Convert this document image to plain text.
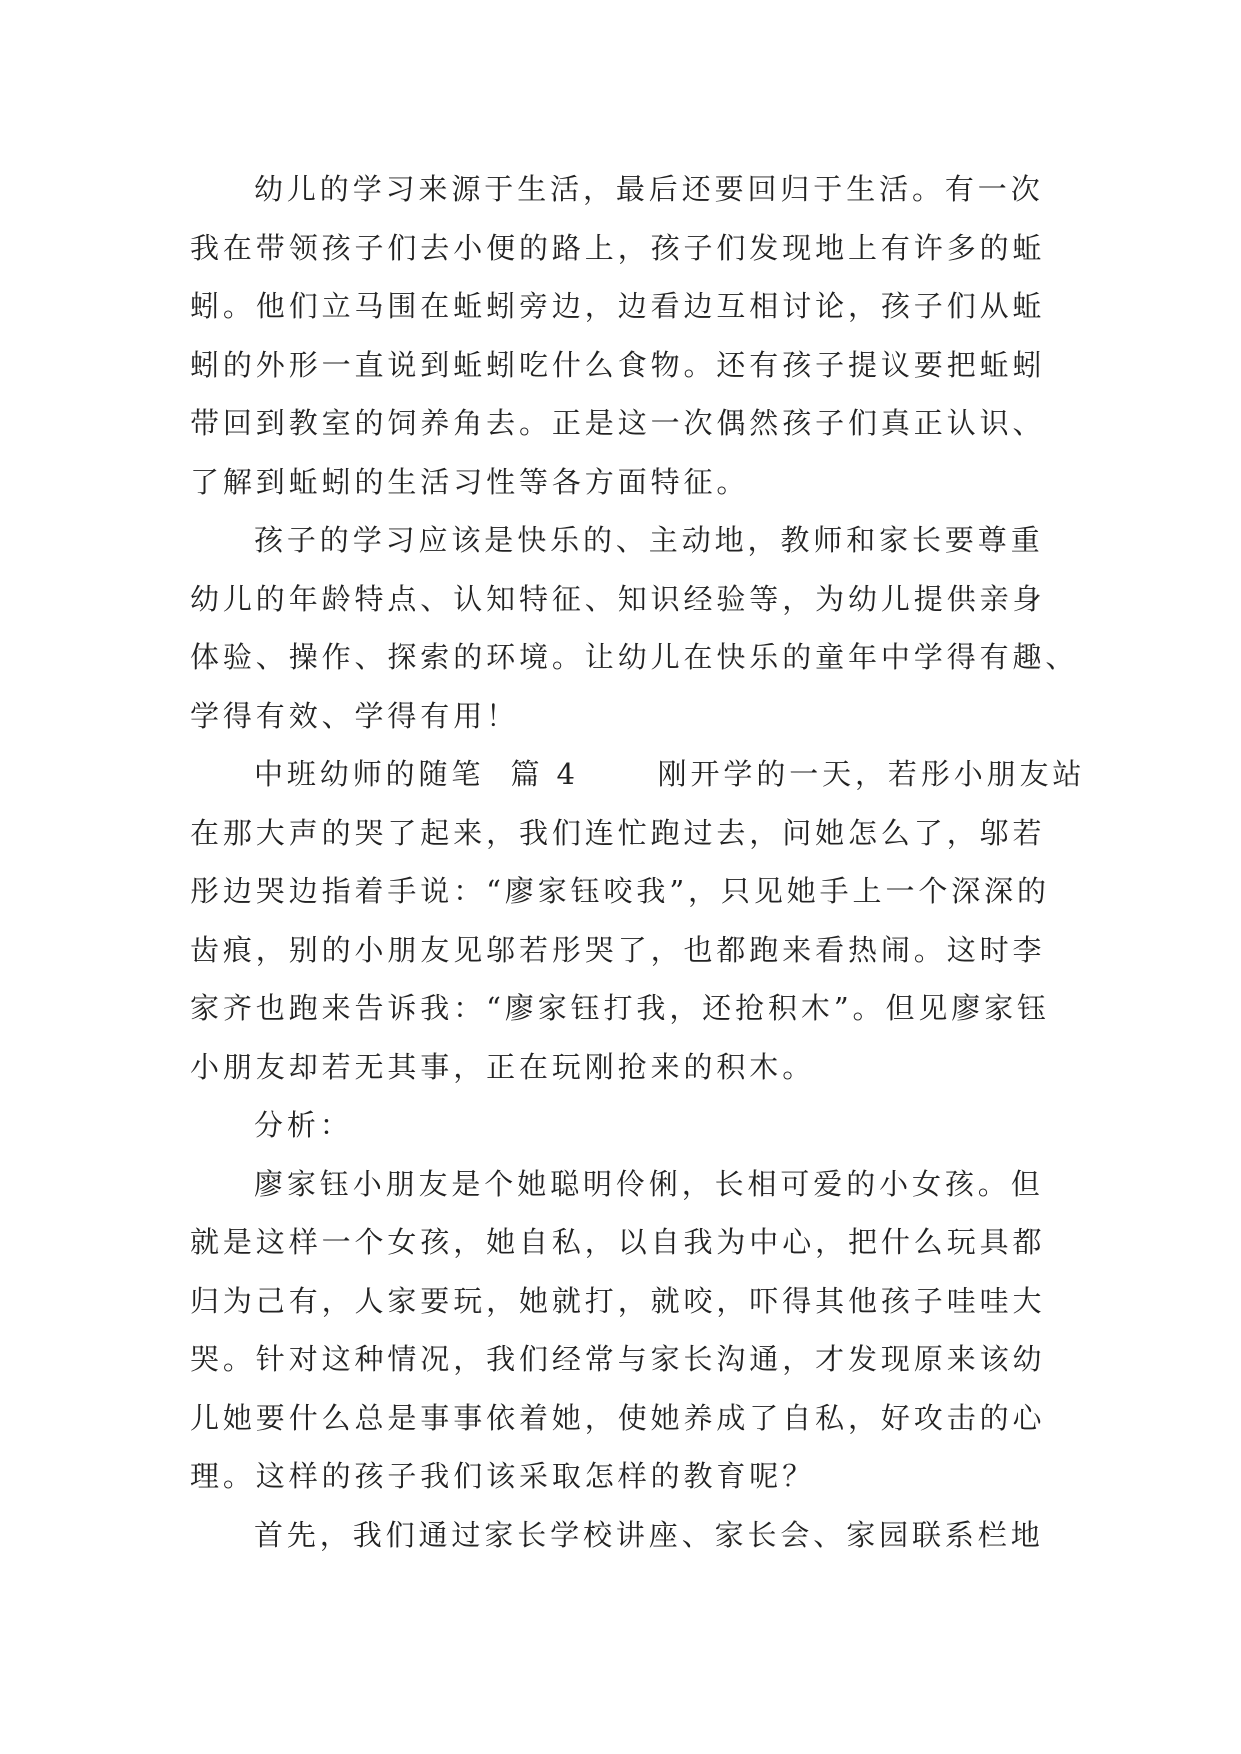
幼儿的学习来源于生活，最后还要回归于生活。有一次
我在带领孩子们去小便的路上，孩子们发现地上有许多的蚯
蚓。他们立马围在蚯蚓旁边，边看边互相讨论，孩子们从蚯
蚓的外形一直说到蚯蚓吃什么食物。还有孩子提议要把蚯蚓
带回到教室的饲养角去。正是这一次偶然孩子们真正认识、
了解到蚯蚓的生活习性等各方面特征。
孩子的学习应该是快乐的、主动地，教师和家长要尊重
幼儿的年龄特点、认知特征、知识经验等，为幼儿提供亲身
体验、操作、探索的环境。让幼儿在快乐的童年中学得有趣、
学得有效、学得有用！
中班幼师的随笔  篇 4      刚开学的一天，若彤小朋友站
在那大声的哭了起来，我们连忙跑过去，问她怎么了，邬若
彤边哭边指着手说：“廖家钰咬我”，只见她手上一个深深的
齿痕，别的小朋友见邬若彤哭了，也都跑来看热闹。这时李
家齐也跑来告诉我：“廖家钰打我，还抢积木”。但见廖家钰
小朋友却若无其事，正在玩刚抢来的积木。
分析：
廖家钰小朋友是个她聪明伶俐，长相可爱的小女孩。但
就是这样一个女孩，她自私，以自我为中心，把什么玩具都
归为己有，人家要玩，她就打，就咬，吓得其他孩子哇哇大
哭。针对这种情况，我们经常与家长沟通，才发现原来该幼
儿她要什么总是事事依着她，使她养成了自私，好攻击的心
理。这样的孩子我们该采取怎样的教育呢？
首先，我们通过家长学校讲座、家长会、家园联系栏地
